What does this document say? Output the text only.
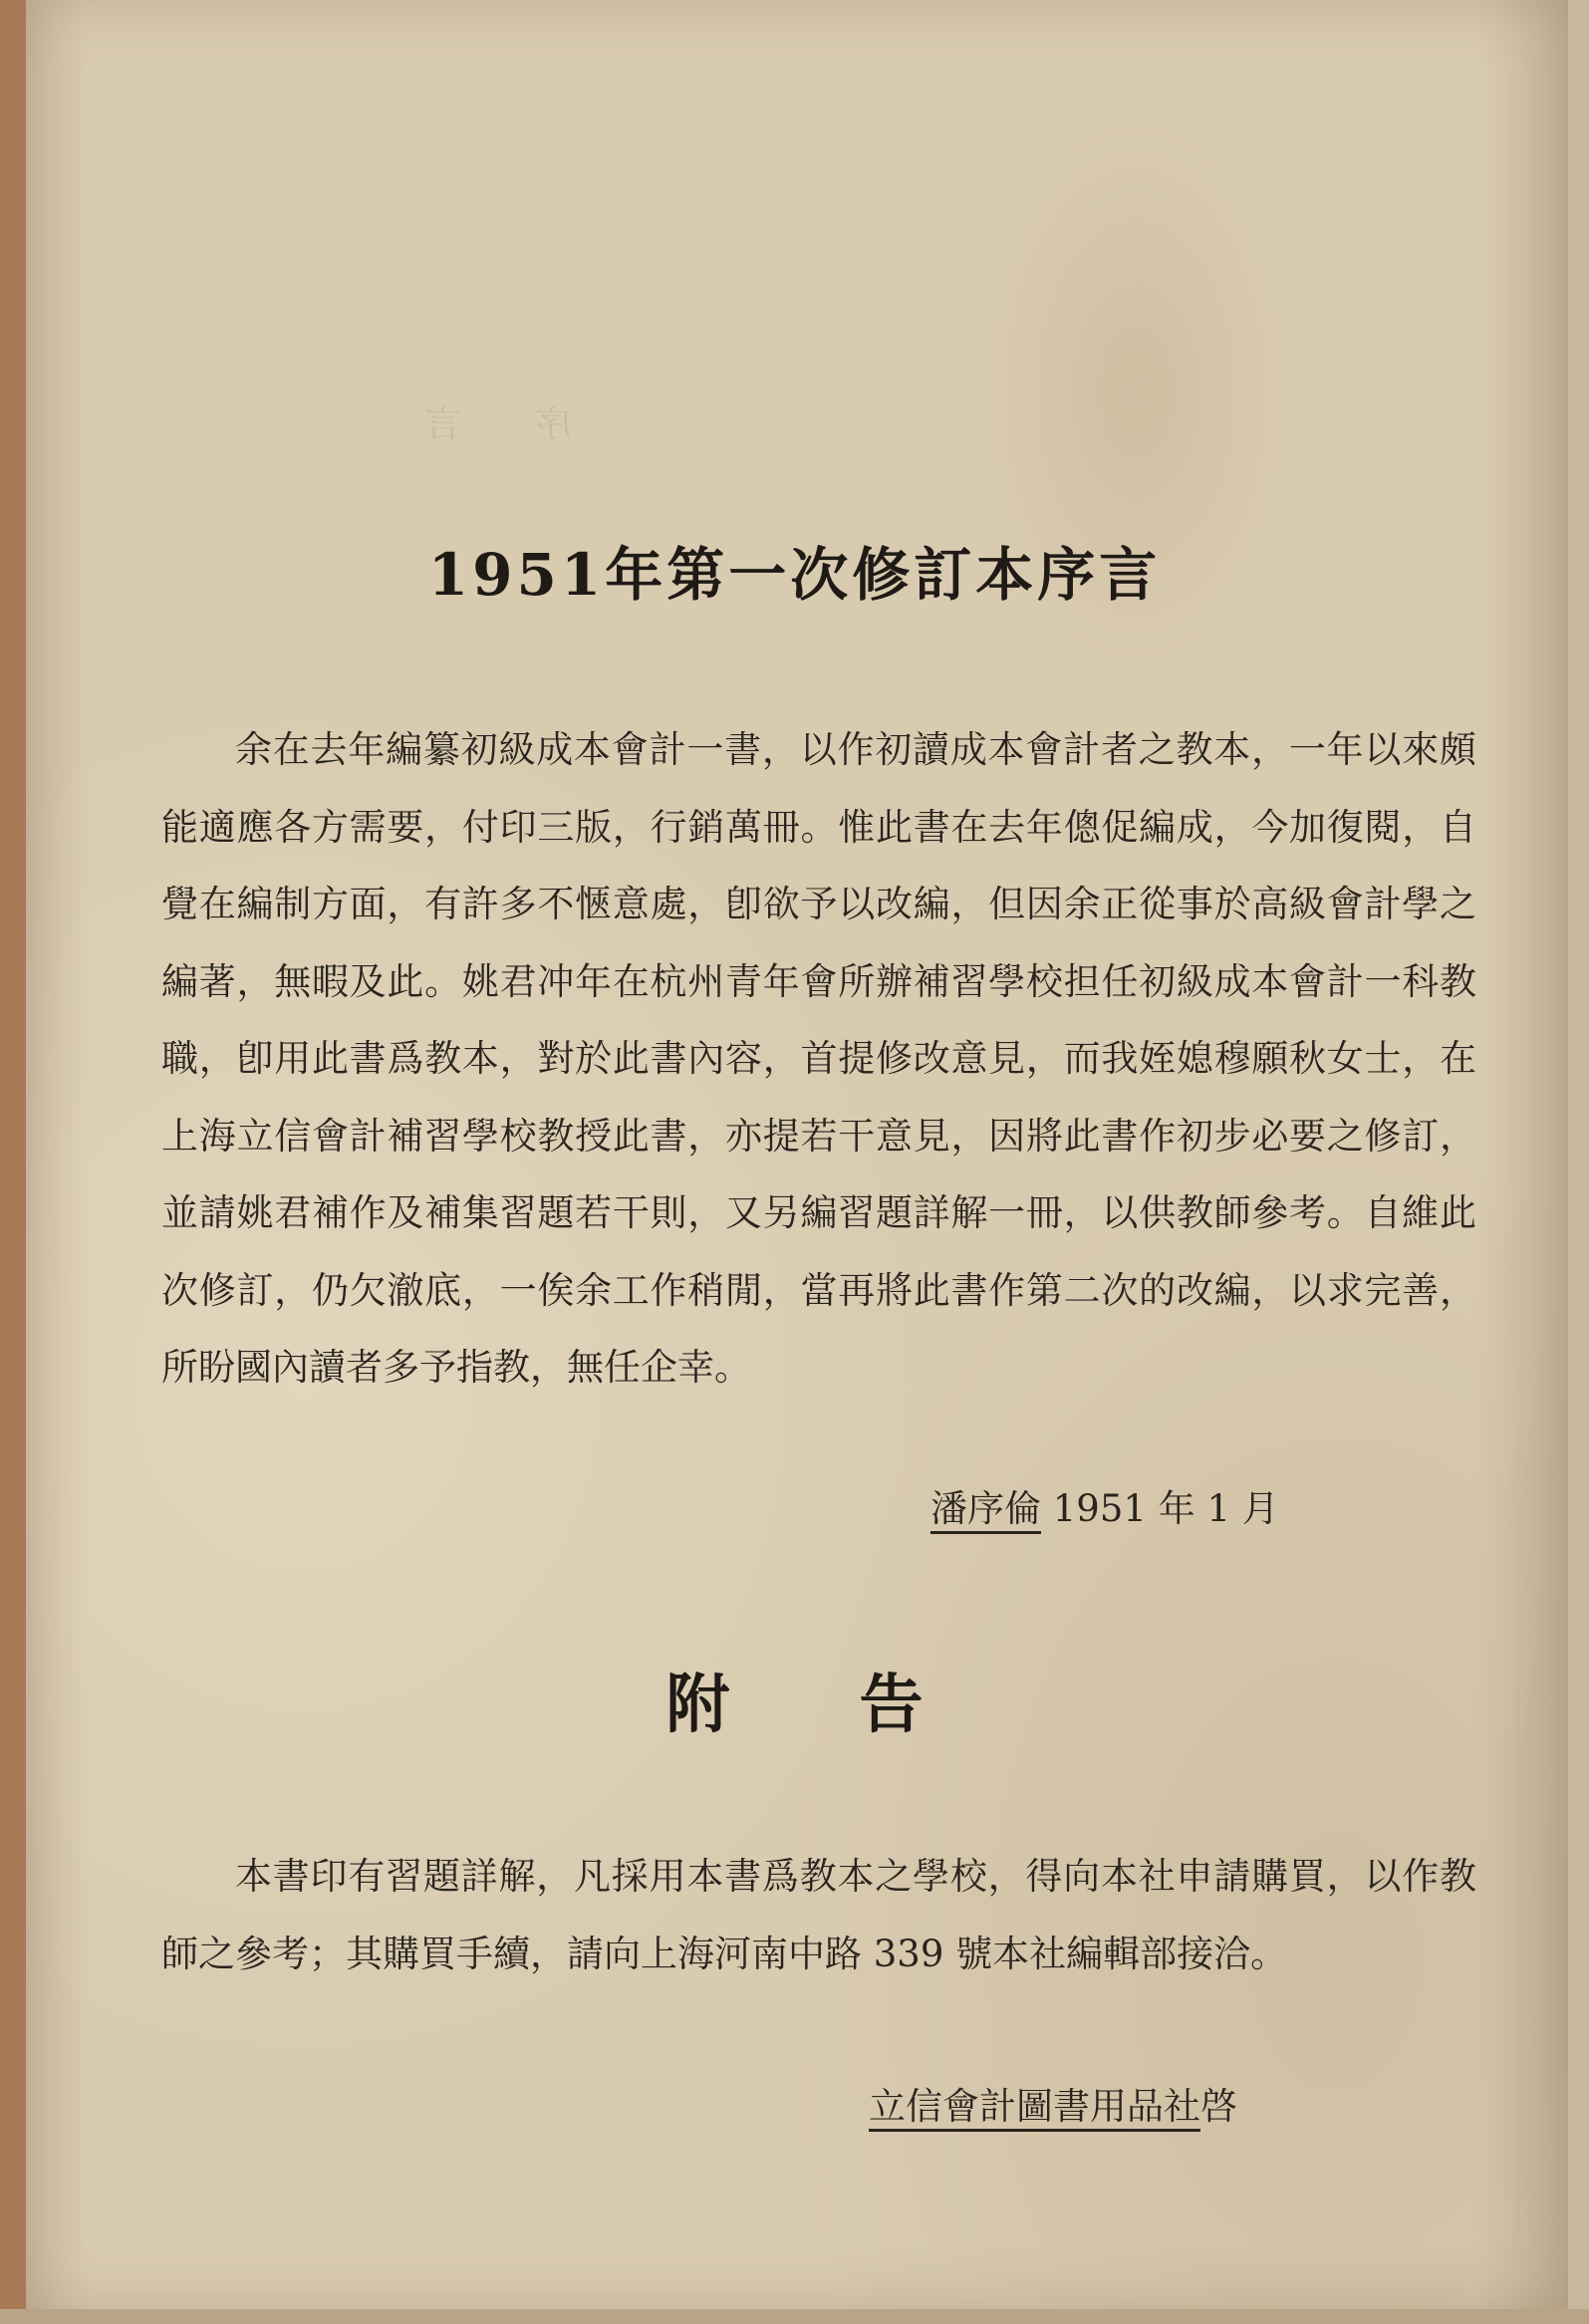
序　　言
1951年第一次修訂本序言
余在去年編纂初級成本會計一書，以作初讀成本會計者之教本，一年以來頗能適應各方需要，付印三版，行銷萬冊。惟此書在去年傯促編成，今加復閱，自覺在編制方面，有許多不愜意處，卽欲予以改編，但因余正從事於高級會計學之編著，無暇及此。姚君冲年在杭州青年會所辦補習學校担任初級成本會計一科教職，卽用此書爲教本，對於此書內容，首提修改意見，而我姪媳穆願秋女士，在上海立信會計補習學校教授此書，亦提若干意見，因將此書作初步必要之修訂，並請姚君補作及補集習題若干則，又另編習題詳解一冊，以供教師參考。自維此次修訂，仍欠澈底，一俟余工作稍閒，當再將此書作第二次的改編，以求完善，所盼國內讀者多予指教，無任企幸。
潘序倫 1951 年 1 月
附告
本書印有習題詳解，凡採用本書爲教本之學校，得向本社申請購買，以作教師之參考；其購買手續，請向上海河南中路 339 號本社編輯部接洽。
立信會計圖書用品社啓
